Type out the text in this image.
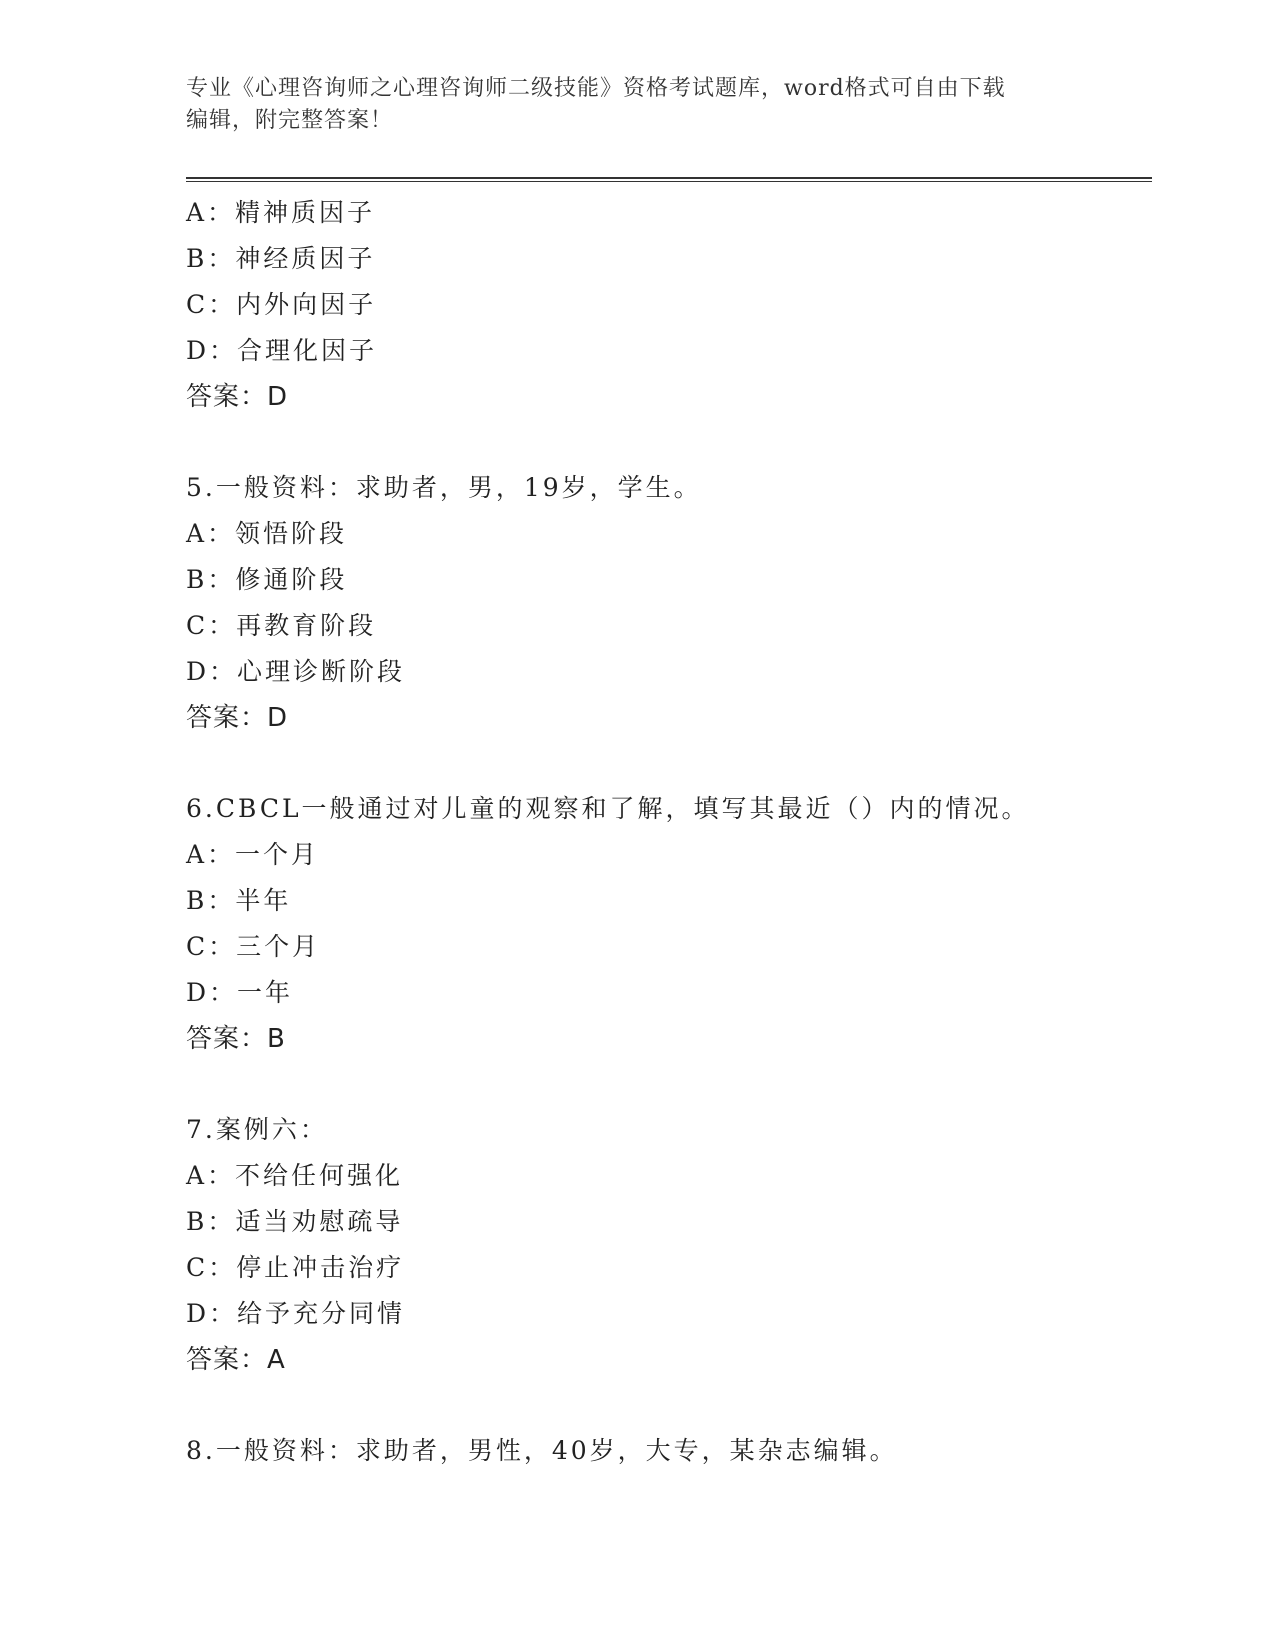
专业《心理咨询师之心理咨询师二级技能》资格考试题库，word格式可自由下载
编辑，附完整答案！
A：精神质因子
B：神经质因子
C：内外向因子
D：合理化因子
答案：D
5.一般资料：求助者，男，19岁，学生。
A：领悟阶段
B：修通阶段
C：再教育阶段
D：心理诊断阶段
答案：D
6.CBCL一般通过对儿童的观察和了解，填写其最近（）内的情况。
A：一个月
B：半年
C：三个月
D：一年
答案：B
7.案例六：
A：不给任何强化
B：适当劝慰疏导
C：停止冲击治疗
D：给予充分同情
答案：A
8.一般资料：求助者，男性，40岁，大专，某杂志编辑。
